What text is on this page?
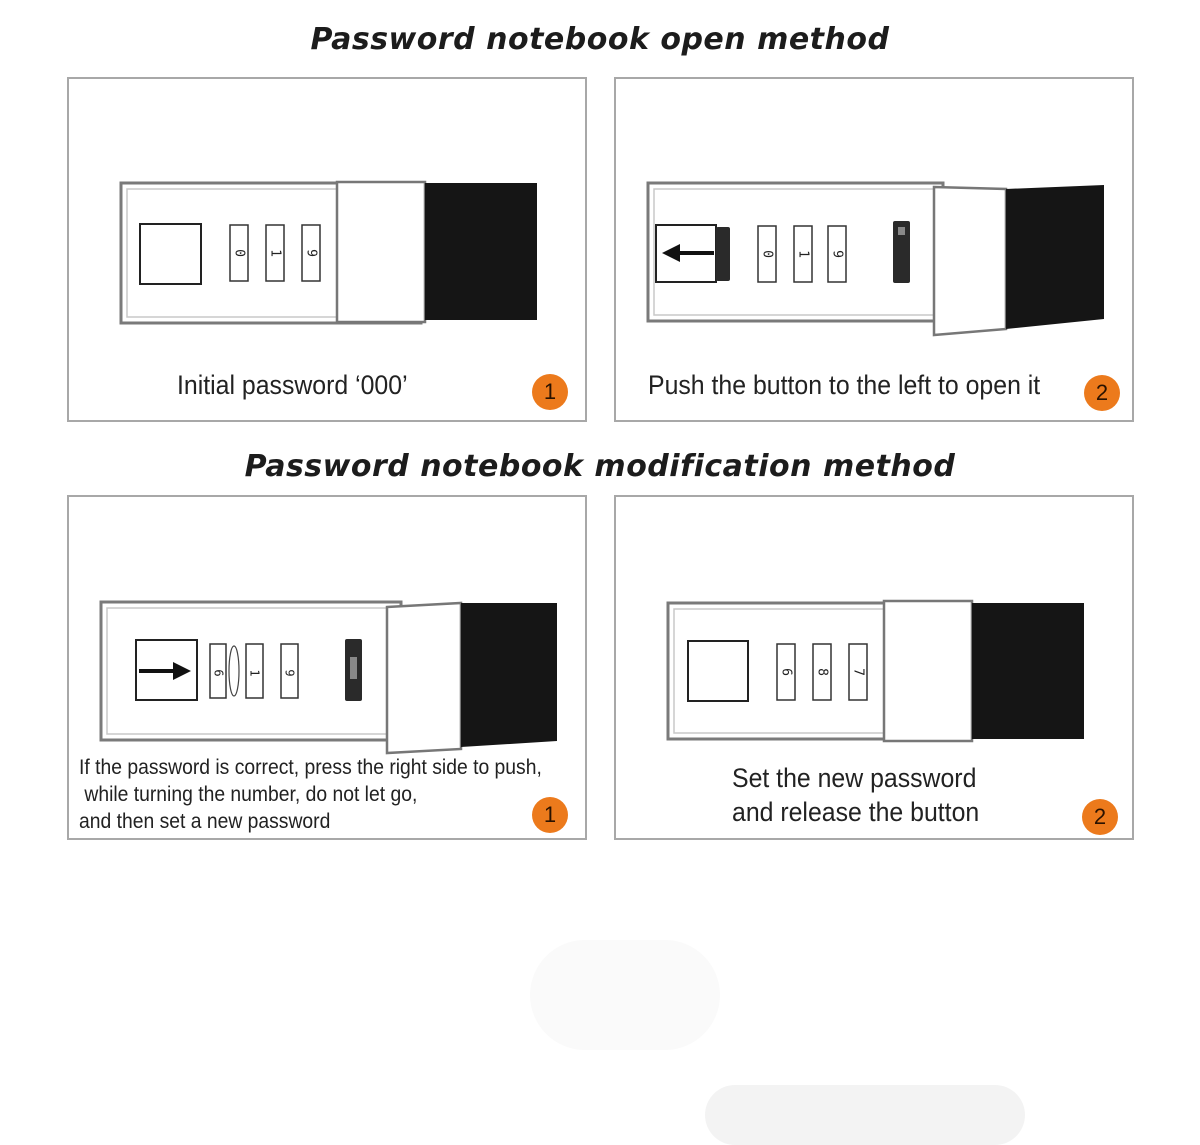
Password notebook open method
0 1 9
Initial password ‘000’	1
0 1 9
Push the button to the left to open it	2
Password notebook modification method
6 1 9
If the password is correct, press the right side to push,
while turning the number, do not let go,
and then set a new password	1
6 8 7
Set the new password
and release the button	2
